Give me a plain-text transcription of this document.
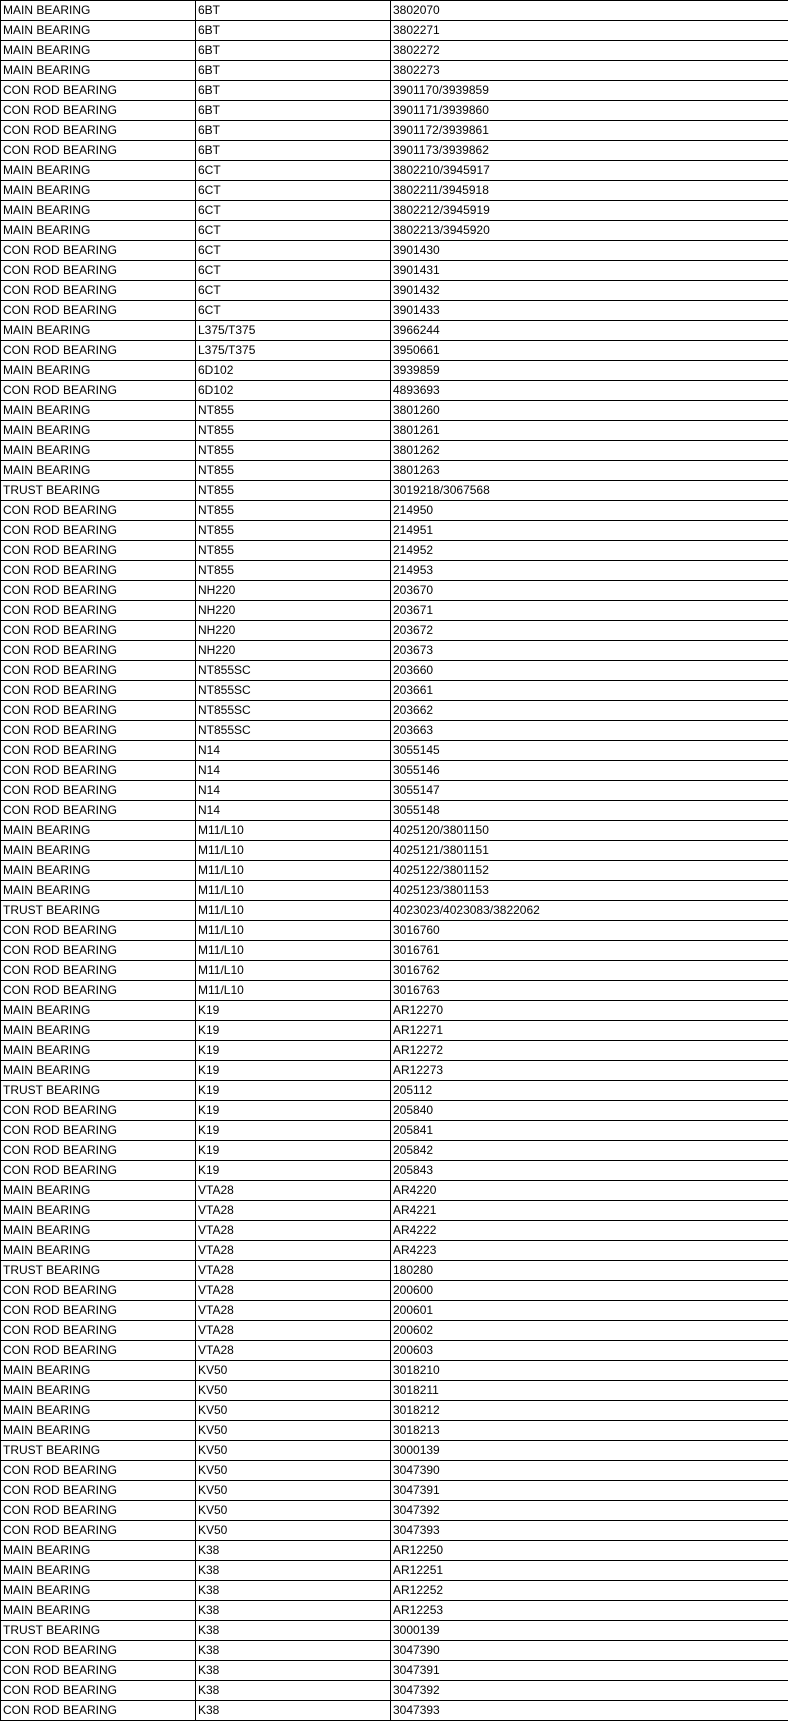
MAIN BEARING	6BT	3802070
MAIN BEARING	6BT	3802271
MAIN BEARING	6BT	3802272
MAIN BEARING	6BT	3802273
CON ROD BEARING	6BT	3901170/3939859
CON ROD BEARING	6BT	3901171/3939860
CON ROD BEARING	6BT	3901172/3939861
CON ROD BEARING	6BT	3901173/3939862
MAIN BEARING	6CT	3802210/3945917
MAIN BEARING	6CT	3802211/3945918
MAIN BEARING	6CT	3802212/3945919
MAIN BEARING	6CT	3802213/3945920
CON ROD BEARING	6CT	3901430
CON ROD BEARING	6CT	3901431
CON ROD BEARING	6CT	3901432
CON ROD BEARING	6CT	3901433
MAIN BEARING	L375/T375	3966244
CON ROD BEARING	L375/T375	3950661
MAIN BEARING	6D102	3939859
CON ROD BEARING	6D102	4893693
MAIN BEARING	NT855	3801260
MAIN BEARING	NT855	3801261
MAIN BEARING	NT855	3801262
MAIN BEARING	NT855	3801263
TRUST BEARING	NT855	3019218/3067568
CON ROD BEARING	NT855	214950
CON ROD BEARING	NT855	214951
CON ROD BEARING	NT855	214952
CON ROD BEARING	NT855	214953
CON ROD BEARING	NH220	203670
CON ROD BEARING	NH220	203671
CON ROD BEARING	NH220	203672
CON ROD BEARING	NH220	203673
CON ROD BEARING	NT855SC	203660
CON ROD BEARING	NT855SC	203661
CON ROD BEARING	NT855SC	203662
CON ROD BEARING	NT855SC	203663
CON ROD BEARING	N14	3055145
CON ROD BEARING	N14	3055146
CON ROD BEARING	N14	3055147
CON ROD BEARING	N14	3055148
MAIN BEARING	M11/L10	4025120/3801150
MAIN BEARING	M11/L10	4025121/3801151
MAIN BEARING	M11/L10	4025122/3801152
MAIN BEARING	M11/L10	4025123/3801153
TRUST BEARING	M11/L10	4023023/4023083/3822062
CON ROD BEARING	M11/L10	3016760
CON ROD BEARING	M11/L10	3016761
CON ROD BEARING	M11/L10	3016762
CON ROD BEARING	M11/L10	3016763
MAIN BEARING	K19	AR12270
MAIN BEARING	K19	AR12271
MAIN BEARING	K19	AR12272
MAIN BEARING	K19	AR12273
TRUST BEARING	K19	205112
CON ROD BEARING	K19	205840
CON ROD BEARING	K19	205841
CON ROD BEARING	K19	205842
CON ROD BEARING	K19	205843
MAIN BEARING	VTA28	AR4220
MAIN BEARING	VTA28	AR4221
MAIN BEARING	VTA28	AR4222
MAIN BEARING	VTA28	AR4223
TRUST BEARING	VTA28	180280
CON ROD BEARING	VTA28	200600
CON ROD BEARING	VTA28	200601
CON ROD BEARING	VTA28	200602
CON ROD BEARING	VTA28	200603
MAIN BEARING	KV50	3018210
MAIN BEARING	KV50	3018211
MAIN BEARING	KV50	3018212
MAIN BEARING	KV50	3018213
TRUST BEARING	KV50	3000139
CON ROD BEARING	KV50	3047390
CON ROD BEARING	KV50	3047391
CON ROD BEARING	KV50	3047392
CON ROD BEARING	KV50	3047393
MAIN BEARING	K38	AR12250
MAIN BEARING	K38	AR12251
MAIN BEARING	K38	AR12252
MAIN BEARING	K38	AR12253
TRUST BEARING	K38	3000139
CON ROD BEARING	K38	3047390
CON ROD BEARING	K38	3047391
CON ROD BEARING	K38	3047392
CON ROD BEARING	K38	3047393
